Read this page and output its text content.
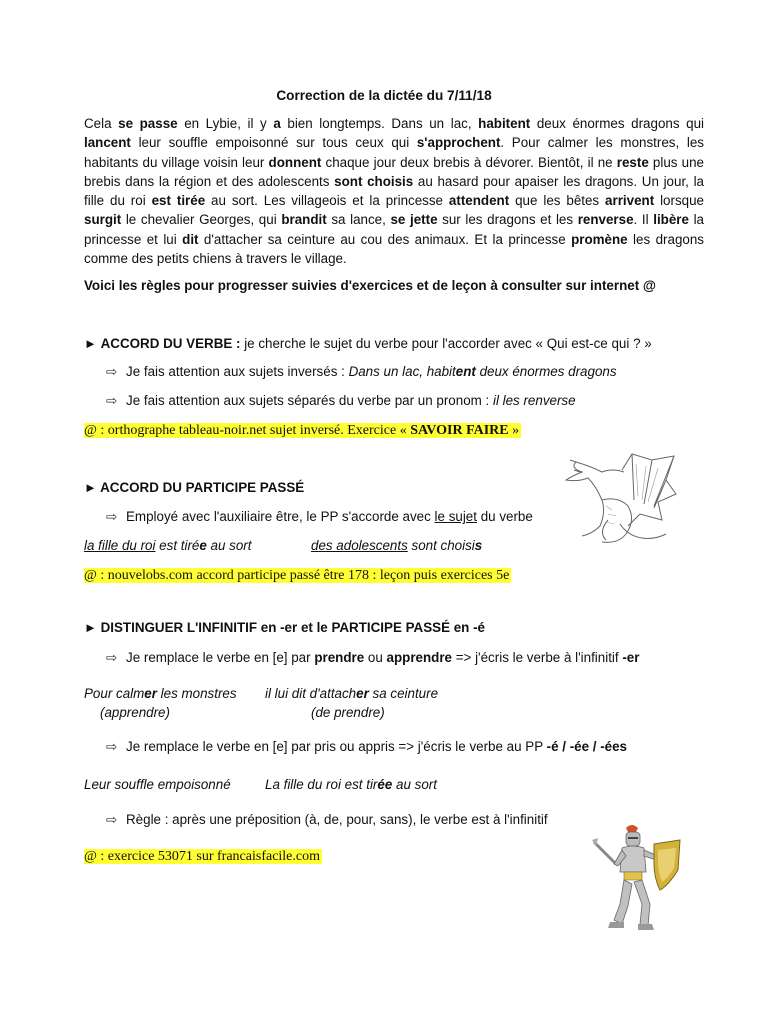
Correction de la dictée du 7/11/18
Cela se passe en Lybie, il y a bien longtemps. Dans un lac, habitent deux énormes dragons qui lancent leur souffle empoisonné sur tous ceux qui s'approchent. Pour calmer les monstres, les habitants du village voisin leur donnent chaque jour deux brebis à dévorer. Bientôt, il ne reste plus une brebis dans la région et des adolescents sont choisis au hasard pour apaiser les dragons. Un jour, la fille du roi est tirée au sort. Les villageois et la princesse attendent que les bêtes arrivent lorsque surgit le chevalier Georges, qui brandit sa lance, se jette sur les dragons et les renverse. Il libère la princesse et lui dit d'attacher sa ceinture au cou des animaux. Et la princesse promène les dragons comme des petits chiens à travers le village.
Voici les règles pour progresser suivies d'exercices et de leçon à consulter sur internet @
► ACCORD DU VERBE : je cherche le sujet du verbe pour l'accorder avec « Qui est-ce qui ? »
⇨ Je fais attention aux sujets inversés : Dans un lac, habitent deux énormes dragons
⇨ Je fais attention aux sujets séparés du verbe par un pronom : il les renverse
@ : orthographe tableau-noir.net sujet inversé. Exercice « SAVOIR FAIRE »
► ACCORD DU PARTICIPE PASSÉ
⇨ Employé avec l'auxiliaire être, le PP s'accorde avec le sujet du verbe
la fille du roi est tirée au sort	des adolescents sont choisis
@ : nouvelobs.com accord participe passé être 178 : leçon puis exercices 5e
► DISTINGUER L'INFINITIF en -er et le PARTICIPE PASSÉ en -é
⇨ Je remplace le verbe en [e] par prendre ou apprendre => j'écris le verbe à l'infinitif -er
Pour calmer les monstres
(apprendre)
il lui dit d'attacher sa ceinture
(de prendre)
⇨ Je remplace le verbe en [e] par pris ou appris => j'écris le verbe au PP -é / -ée / -ées
Leur souffle empoisonné	La fille du roi est tirée au sort
⇨ Règle : après une préposition (à, de, pour, sans), le verbe est à l'infinitif
@ : exercice 53071 sur francaisfacile.com
